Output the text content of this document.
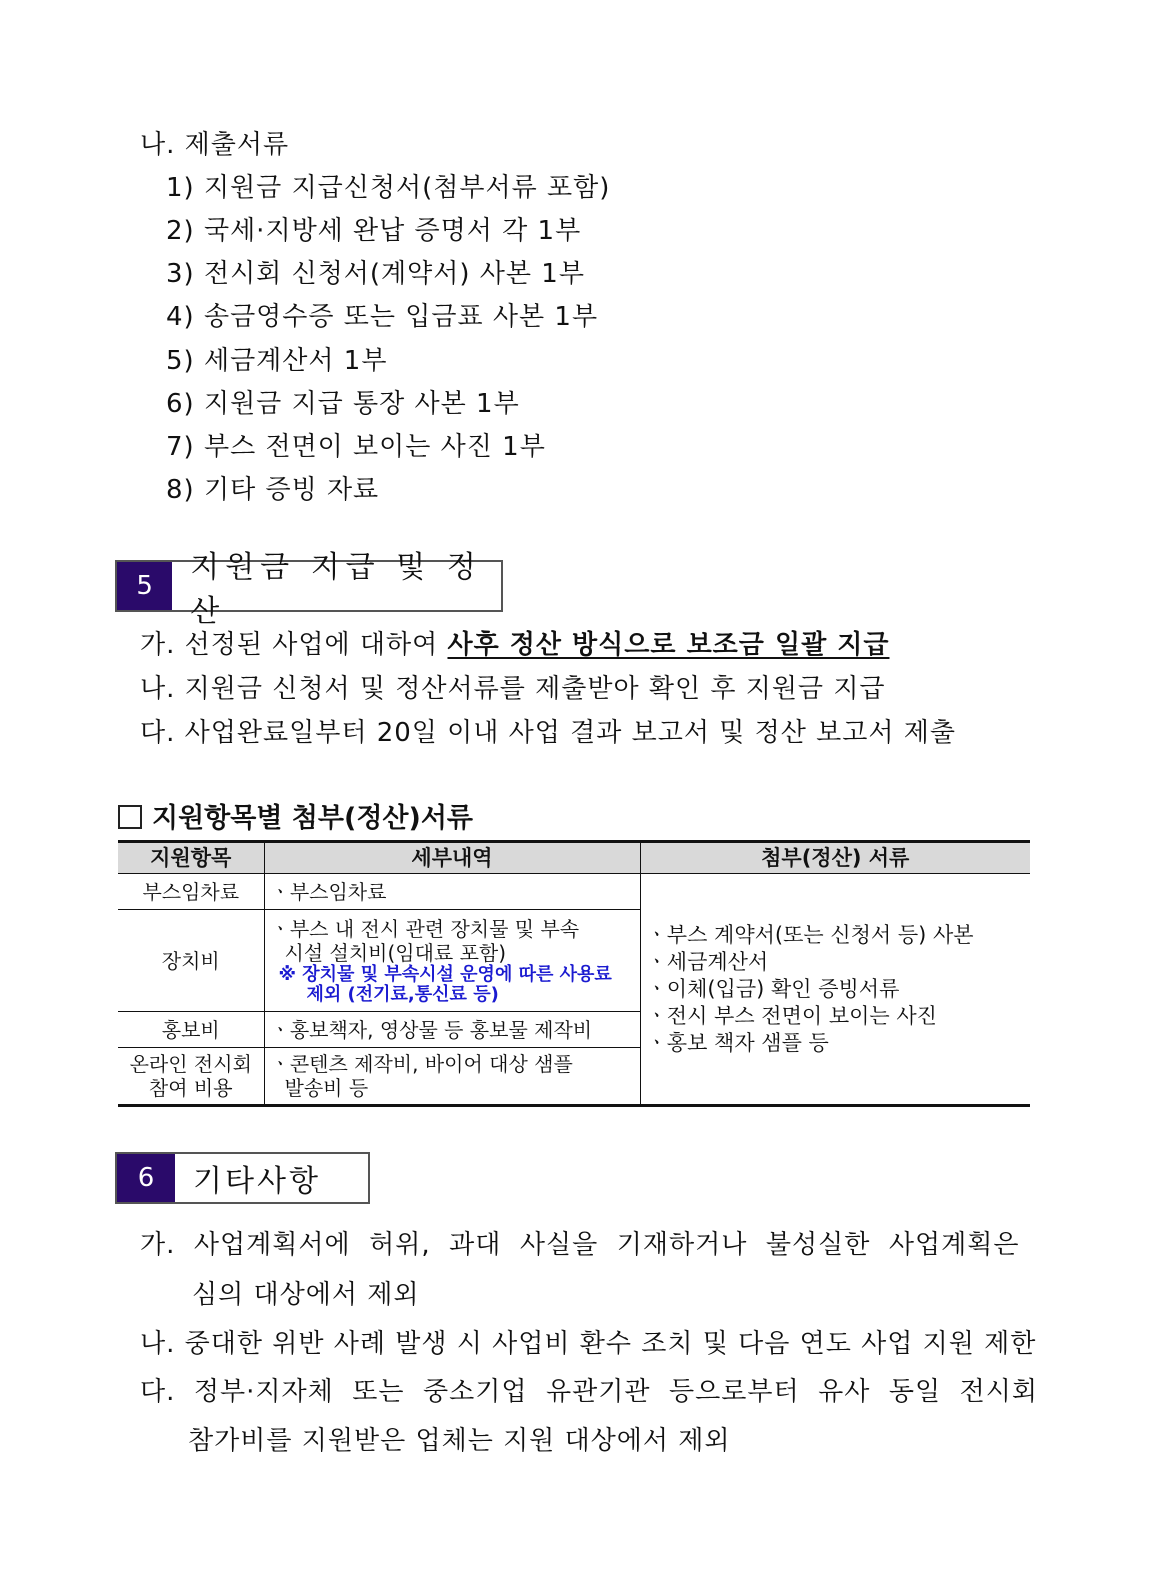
나. 제출서류
1) 지원금 지급신청서(첨부서류 포함)
2) 국세·지방세 완납 증명서 각 1부
3) 전시회 신청서(계약서) 사본 1부
4) 송금영수증 또는 입금표 사본 1부
5) 세금계산서 1부
6) 지원금 지급 통장 사본 1부
7) 부스 전면이 보이는 사진 1부
8) 기타 증빙 자료
5
지원금 지급 및 정산
가. 선정된 사업에 대하여 사후 정산 방식으로 보조금 일괄 지급
나. 지원금 신청서 및 정산서류를 제출받아 확인 후 지원금 지급
다. 사업완료일부터 20일 이내 사업 결과 보고서 및 정산 보고서 제출
지원항목별 첨부(정산)서류
지원항목	세부내역	첨부(정산) 서류
부스임차료	ㆍ부스임차료	ㆍ부스 계약서(또는 신청서 등) 사본
ㆍ세금계산서
ㆍ이체(입금) 확인 증빙서류
ㆍ전시 부스 전면이 보이는 사진
ㆍ홍보 책자 샘플 등

장치비	ㆍ부스 내 전시 관련 장치물 및 부속
시설 설치비(임대료 포함)
※ 장치물 및 부속시설 운영에 따른 사용료
제외 (전기료,통신료 등)	

홍보비	ㆍ홍보책자, 영상물 등 홍보물 제작비	

온라인 전시회
참여 비용	ㆍ콘텐츠 제작비, 바이어 대상 샘플
발송비 등	
6	기타사항
가.  사업계획서에  허위,  과대  사실을  기재하거나  불성실한  사업계획은
심의 대상에서 제외
나. 중대한 위반 사례 발생 시 사업비 환수 조치 및 다음 연도 사업 지원 제한
다.  정부·지자체  또는  중소기업  유관기관  등으로부터  유사  동일  전시회
참가비를 지원받은 업체는 지원 대상에서 제외
